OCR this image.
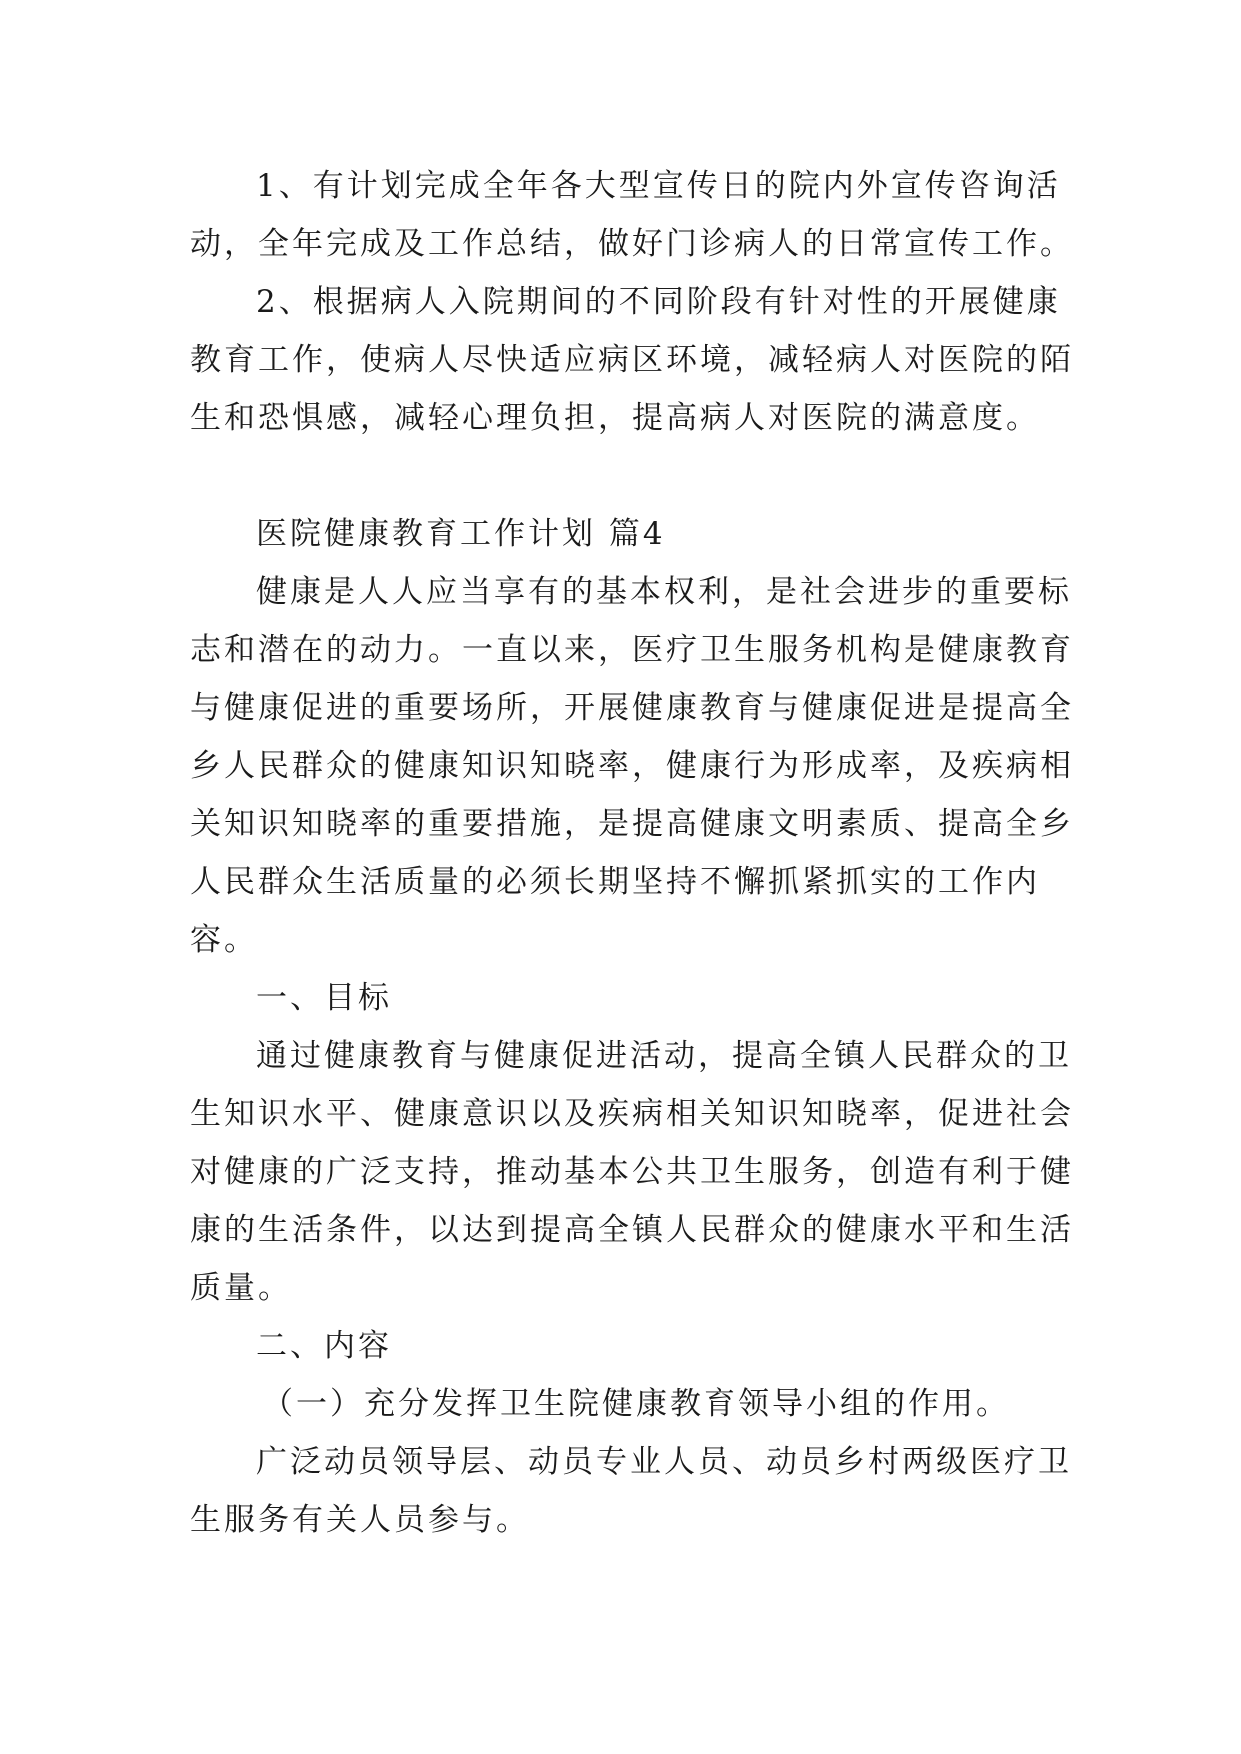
1、有计划完成全年各大型宣传日的院内外宣传咨询活
动，全年完成及工作总结，做好门诊病人的日常宣传工作。
2、根据病人入院期间的不同阶段有针对性的开展健康
教育工作，使病人尽快适应病区环境，减轻病人对医院的陌
生和恐惧感，减轻心理负担，提高病人对医院的满意度。
医院健康教育工作计划 篇4
健康是人人应当享有的基本权利，是社会进步的重要标
志和潜在的动力。一直以来，医疗卫生服务机构是健康教育
与健康促进的重要场所，开展健康教育与健康促进是提高全
乡人民群众的健康知识知晓率，健康行为形成率，及疾病相
关知识知晓率的重要措施，是提高健康文明素质、提高全乡
人民群众生活质量的必须长期坚持不懈抓紧抓实的工作内
容。
一、目标
通过健康教育与健康促进活动，提高全镇人民群众的卫
生知识水平、健康意识以及疾病相关知识知晓率，促进社会
对健康的广泛支持，推动基本公共卫生服务，创造有利于健
康的生活条件，以达到提高全镇人民群众的健康水平和生活
质量。
二、内容
（一）充分发挥卫生院健康教育领导小组的作用。
广泛动员领导层、动员专业人员、动员乡村两级医疗卫
生服务有关人员参与。
